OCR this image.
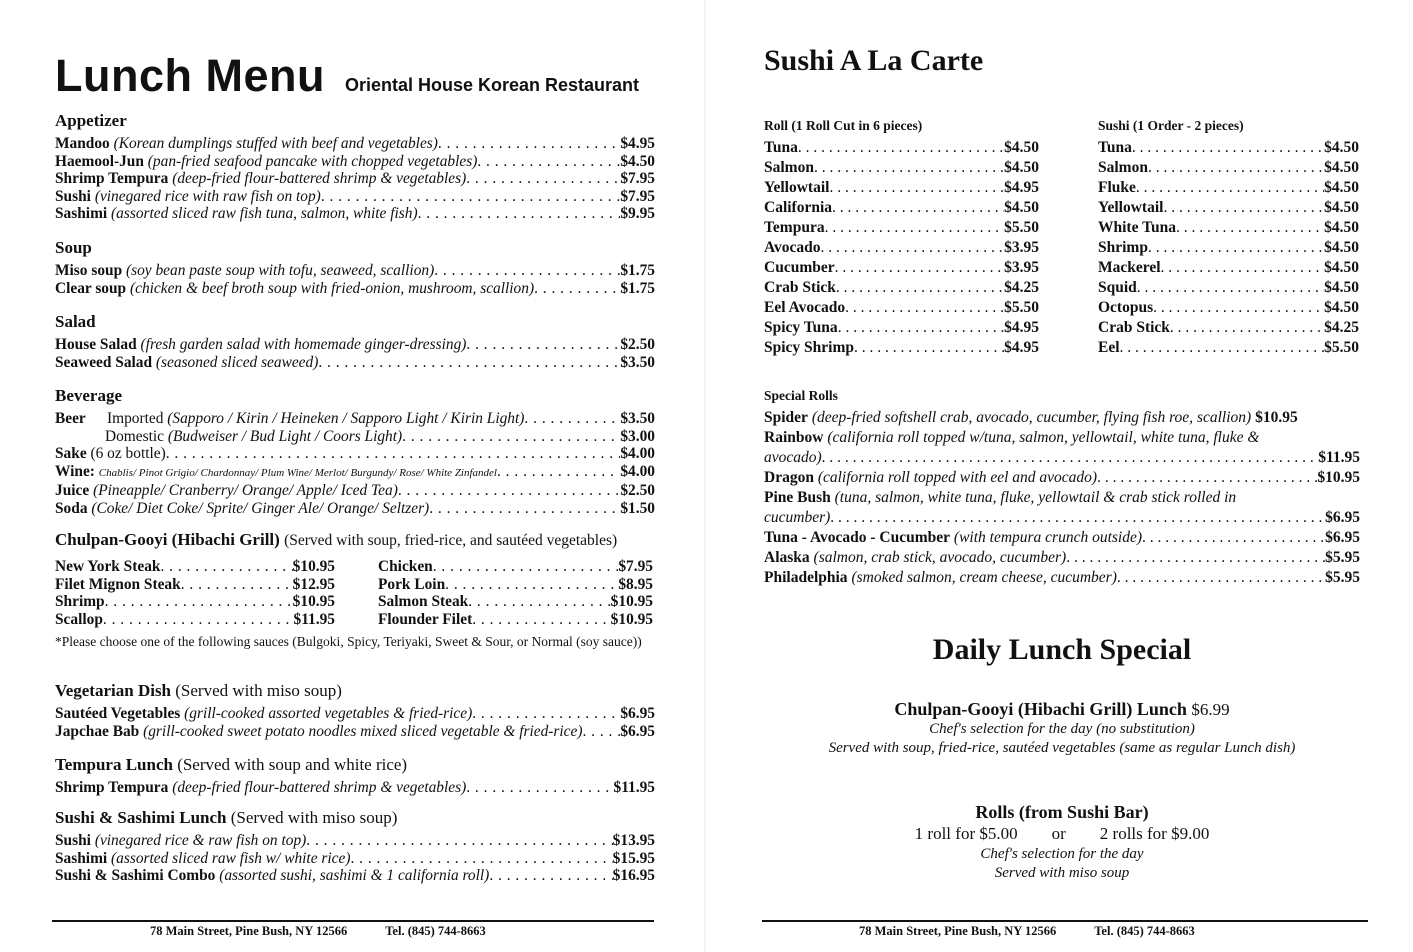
Lunch Menu Oriental House Korean Restaurant
Appetizer
Mandoo
(Korean dumplings stuffed with beef and vegetables) . . .	$4.95
Haemool-Jun
(pan-fried seafood pancake with chopped vegetables) . . .	$4.50
Shrimp Tempura
(deep-fried flour-battered shrimp & vegetables) . . .	$7.95
Sushi
(vinegared rice with raw fish on top) . . .	$7.95
Sashimi
(assorted sliced raw fish tuna, salmon, white fish) . . .	$9.95
Soup
Miso soup
(soy bean paste soup with tofu, seaweed, scallion) . . .	$1.75
Clear soup
(chicken & beef broth soup with fried-onion, mushroom, scallion) . . .	$1.75
Salad
House Salad
(fresh garden salad with homemade ginger-dressing) . . .	$2.50
Seaweed Salad
(seasoned sliced seaweed) . . .	$3.50
Beverage
Beer	Imported
(Sapporo / Kirin / Heineken / Sapporo Light / Kirin Light) . . .	$3.50
Domestic
(Budweiser / Bud Light / Coors Light) . . .	$3.00
Sake
(6 oz bottle) . . .	$4.00
Wine:
Chablis/ Pinot Grigio/ Chardonnay/ Plum Wine/ Merlot/ Burgundy/ Rose/ White Zinfandel . . .	$4.00
Juice
(Pineapple/ Cranberry/ Orange/ Apple/ Iced Tea) . . .	$2.50
Soda
(Coke/ Diet Coke/ Sprite/ Ginger Ale/ Orange/ Seltzer) . . .	$1.50
Chulpan-Gooyi (Hibachi Grill) (Served with soup, fried-rice, and sautéed vegetables)
New York Steak . . .	$10.95
Filet Mignon Steak . . .	$12.95
Shrimp . . .	$10.95
Scallop . . .	$11.95
Chicken . . .	$7.95
Pork Loin . . .	$8.95
Salmon Steak . . .	$10.95
Flounder Filet . . .	$10.95
*Please choose one of the following sauces (Bulgoki, Spicy, Teriyaki, Sweet & Sour, or Normal (soy sauce))
Vegetarian Dish (Served with miso soup)
Sautéed Vegetables
(grill-cooked assorted vegetables & fried-rice) . . .	$6.95
Japchae Bab
(grill-cooked sweet potato noodles mixed sliced vegetable & fried-rice) . . . $6.95
Tempura Lunch (Served with soup and white rice)
Shrimp Tempura
(deep-fried flour-battered shrimp & vegetables) . . .	$11.95
Sushi & Sashimi Lunch (Served with miso soup)
Sushi
(vinegared rice & raw fish on top) . . .	$13.95
Sashimi
(assorted sliced raw fish w/ white rice) . . .	$15.95
Sushi & Sashimi Combo
(assorted sushi, sashimi & 1 california roll) . . .	$16.95
78 Main Street, Pine Bush, NY 12566	Tel. (845) 744-8663
Sushi A La Carte
Roll (1 Roll Cut in 6 pieces)
Tuna . . .	$4.50
Salmon . . .	$4.50
Yellowtail . . .	$4.95
California . . .	$4.50
Tempura . . .	$5.50
Avocado . . .	$3.95
Cucumber . . .	$3.95
Crab Stick . . .	$4.25
Eel Avocado . . .	$5.50
Spicy Tuna . . .	$4.95
Spicy Shrimp . . .	$4.95
Sushi (1 Order - 2 pieces)
Tuna . . .	$4.50
Salmon . . .	$4.50
Fluke . . .	$4.50
Yellowtail . . .	$4.50
White Tuna . . .	$4.50
Shrimp . . .	$4.50
Mackerel . . .	$4.50
Squid . . .	$4.50
Octopus . . .	$4.50
Crab Stick . . .	$4.25
Eel . . .	$5.50
Special Rolls
Spider
(deep-fried softshell crab, avocado, cucumber, flying fish roe, scallion)
$10.95
Rainbow (california roll topped w/tuna, salmon, yellowtail, white tuna, fluke &
avocado) . . .	$11.95
Dragon
(california roll topped with eel and avocado) . . .	$10.95
Pine Bush (tuna, salmon, white tuna, fluke, yellowtail & crab stick rolled in
cucumber) . . .	$6.95
Tuna - Avocado - Cucumber
(with tempura crunch outside) . . .	$6.95
Alaska
(salmon, crab stick, avocado, cucumber) . . .	$5.95
Philadelphia
(smoked salmon, cream cheese, cucumber) . . .	$5.95
Daily Lunch Special
Chulpan-Gooyi (Hibachi Grill) Lunch $6.99
Chef's selection for the day (no substitution)
Served with soup, fried-rice, sautéed vegetables (same as regular Lunch dish)
Rolls (from Sushi Bar)
1 roll for $5.00 or 2 rolls for $9.00
Chef's selection for the day
Served with miso soup
78 Main Street, Pine Bush, NY 12566	Tel. (845) 744-8663
